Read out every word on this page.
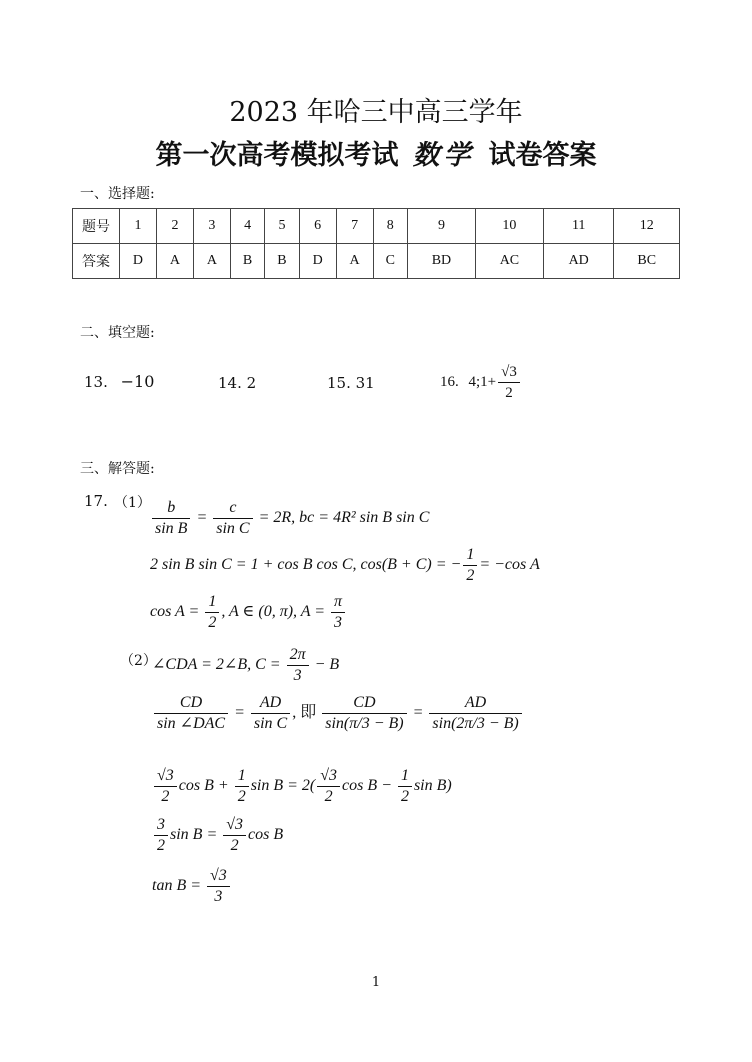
2023 年哈三中高三学年
第一次高考模拟考试 数学 试卷答案
一、选择题:
题号	1	2	3	4	5	6	7	8	9	10	11	12
答案	D	A	A	B	B	D	A	C	BD	AC	AD	BC
二、填空题:
13. −10	14. 2	15. 31	16. 4;1+ $\frac{√3}{2}$
三、解答题:
17. $(1) \frac{b}{\text{sin B}} = \frac{c}{\text{sin C}} = 2R$, bc = 4R² sin B sin C
2 sin B sin C = 1 + cos B cos C, cos(B + C) = − $\frac{1}{2} = -\cos$ A
$\cos A = \frac{1}{2}$ , A ∈ (0, π), $A = \frac{\pi}{3}$
（2）
∠CDA = 2∠B, $C = \frac{2\pi}{3} - B$
$\frac{CD}{\text{sin ∠DAC}} = \frac{AD}{\text{sin C}}$ , 即 $\frac{CD}{\sin(\pi/3 - B)} = \frac{AD}{\sin(2\pi/3 - B)}$
$\frac{√3}{2}$ $\cos B + \frac{1}{2}$ $\sin B = 2( \frac{√3}{2}$ $\cos B - \frac{1}{2}$ sin B)
$\frac{3}{2}$ $\sin B = \frac{√3}{2}$ cos B
$\tan B = \frac{√3}{3}$
1
